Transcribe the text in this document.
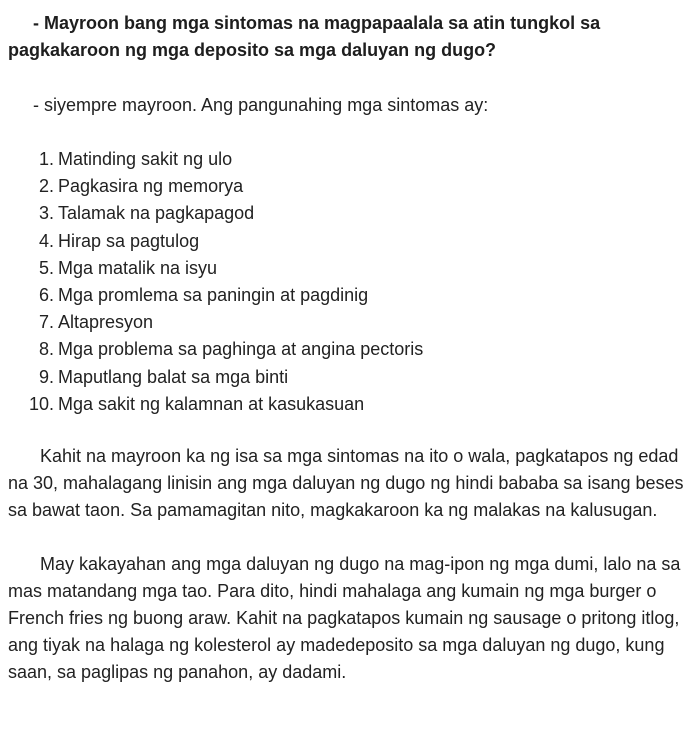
- Mayroon bang mga sintomas na magpapaalala sa atin tungkol sa pagkakaroon ng mga deposito sa mga daluyan ng dugo?

- siyempre mayroon. Ang pangunahing mga sintomas ay:

1. Matinding sakit ng ulo
2. Pagkasira ng memorya
3. Talamak na pagkapagod
4. Hirap sa pagtulog
5. Mga matalik na isyu
6. Mga promlema sa paningin at pagdinig
7. Altapresyon
8. Mga problema sa paghinga at angina pectoris
9. Maputlang balat sa mga binti
10. Mga sakit ng kalamnan at kasukasuan

Kahit na mayroon ka ng isa sa mga sintomas na ito o wala, pagkatapos ng edad na 30, mahalagang linisin ang mga daluyan ng dugo ng hindi bababa sa isang beses sa bawat taon. Sa pamamagitan nito, magkakaroon ka ng malakas na kalusugan.

May kakayahan ang mga daluyan ng dugo na mag-ipon ng mga dumi, lalo na sa mas matandang mga tao. Para dito, hindi mahalaga ang kumain ng mga burger o French fries ng buong araw. Kahit na pagkatapos kumain ng sausage o pritong itlog, ang tiyak na halaga ng kolesterol ay madedeposito sa mga daluyan ng dugo, kung saan, sa paglipas ng panahon, ay dadami.
